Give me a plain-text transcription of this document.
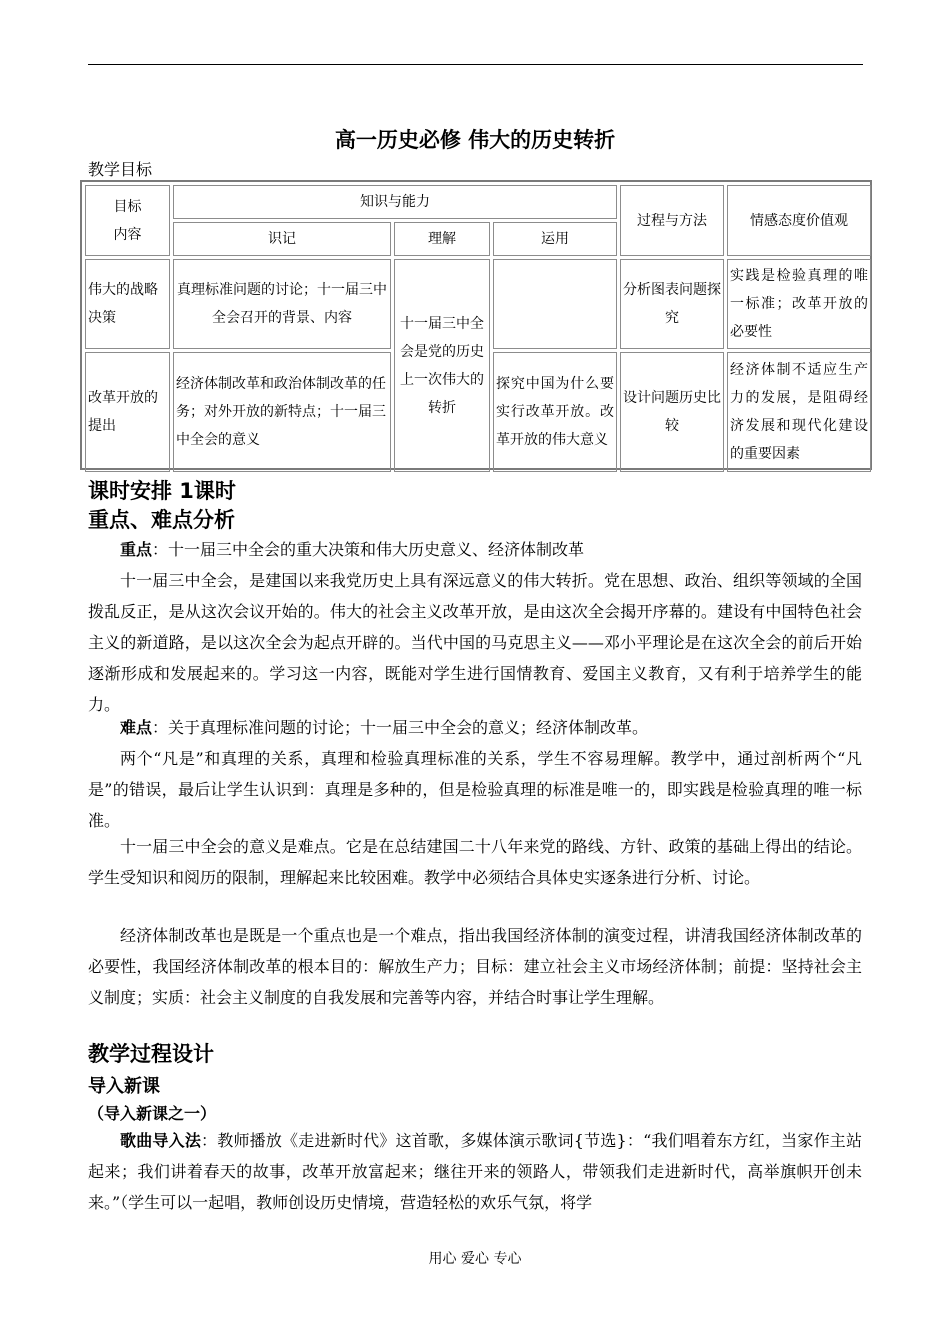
高一历史必修 伟大的历史转折
教学目标
目标
内容	知识与能力			过程与方法	情感态度价值观
	识记	理解	运用		
伟大的战略决策	真理标准问题的讨论；十一届三中全会召开的背景、内容	十一届三中全会是党的历史上一次伟大的转折		分析图表问题探究	实践是检验真理的唯一标准；改革开放的必要性
改革开放的提出	经济体制改革和政治体制改革的任务；对外开放的新特点；十一届三中全会的意义		探究中国为什么要实行改革开放。改革开放的伟大意义	设计问题历史比较	经济体制不适应生产力的发展，是阻碍经济发展和现代化建设的重要因素
课时安排 1课时
重点、难点分析

重点：十一届三中全会的重大决策和伟大历史意义、经济体制改革

十一届三中全会，是建国以来我党历史上具有深远意义的伟大转折。党在思想、政治、组织等领域的全国拨乱反正，是从这次会议开始的。伟大的社会主义改革开放，是由这次全会揭开序幕的。建设有中国特色社会主义的新道路，是以这次全会为起点开辟的。当代中国的马克思主义——邓小平理论是在这次全会的前后开始逐渐形成和发展起来的。学习这一内容，既能对学生进行国情教育、爱国主义教育，又有利于培养学生的能力。

难点：关于真理标准问题的讨论；十一届三中全会的意义；经济体制改革。

两个“凡是”和真理的关系，真理和检验真理标准的关系，学生不容易理解。教学中，通过剖析两个“凡是”的错误，最后让学生认识到：真理是多种的，但是检验真理的标准是唯一的，即实践是检验真理的唯一标准。

十一届三中全会的意义是难点。它是在总结建国二十八年来党的路线、方针、政策的基础上得出的结论。学生受知识和阅历的限制，理解起来比较困难。教学中必须结合具体史实逐条进行分析、讨论。

经济体制改革也是既是一个重点也是一个难点，指出我国经济体制的演变过程，讲清我国经济体制改革的必要性，我国经济体制改革的根本目的：解放生产力；目标：建立社会主义市场经济体制；前提：坚持社会主义制度；实质：社会主义制度的自我发展和完善等内容，并结合时事让学生理解。

教学过程设计
导入新课
（导入新课之一）

歌曲导入法：教师播放《走进新时代》这首歌，多媒体演示歌词{节选}：“我们唱着东方红，当家作主站起来；我们讲着春天的故事，改革开放富起来；继往开来的领路人，带领我们走进新时代，高举旗帜开创未来。”（学生可以一起唱，教师创设历史情境，营造轻松的欢乐气氛，将学

用心 爱心 专心
